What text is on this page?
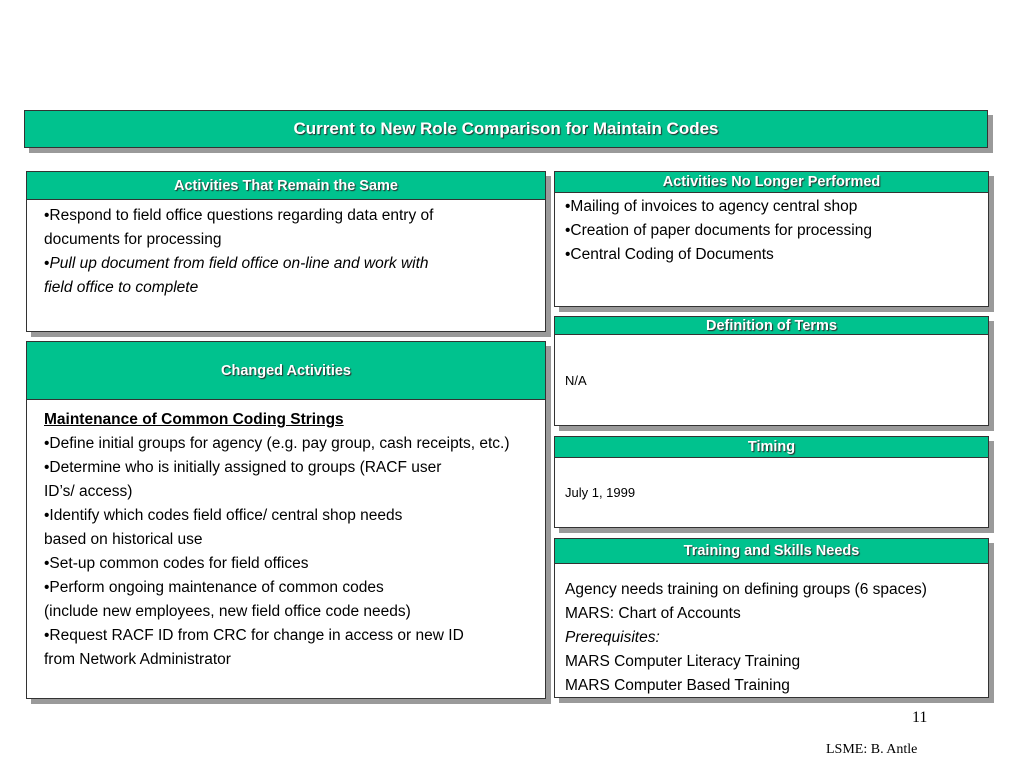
Current to New Role Comparison for Maintain Codes
Activities That Remain the Same
•Respond to field office questions regarding data entry of
documents for processing
•Pull up document from field office on-line and work with
field office to complete
Changed Activities
Maintenance of Common Coding Strings
•Define initial groups for agency (e.g. pay group, cash receipts, etc.)
•Determine who is initially assigned to groups (RACF user
ID’s/ access)
•Identify which codes field office/ central shop needs
based on historical use
•Set-up common codes for field offices
•Perform ongoing maintenance of common codes
(include new employees, new field office code needs)
•Request RACF ID from CRC for change in access or new ID
from Network Administrator
Activities No Longer Performed
•Mailing of invoices to agency central shop
•Creation of paper documents for processing
•Central Coding of Documents
Definition of Terms
N/A
Timing
July 1, 1999
Training and Skills Needs
Agency needs training on defining groups (6 spaces)
MARS: Chart of Accounts
Prerequisites:
MARS Computer Literacy Training
MARS Computer Based Training
11
LSME: B. Antle
